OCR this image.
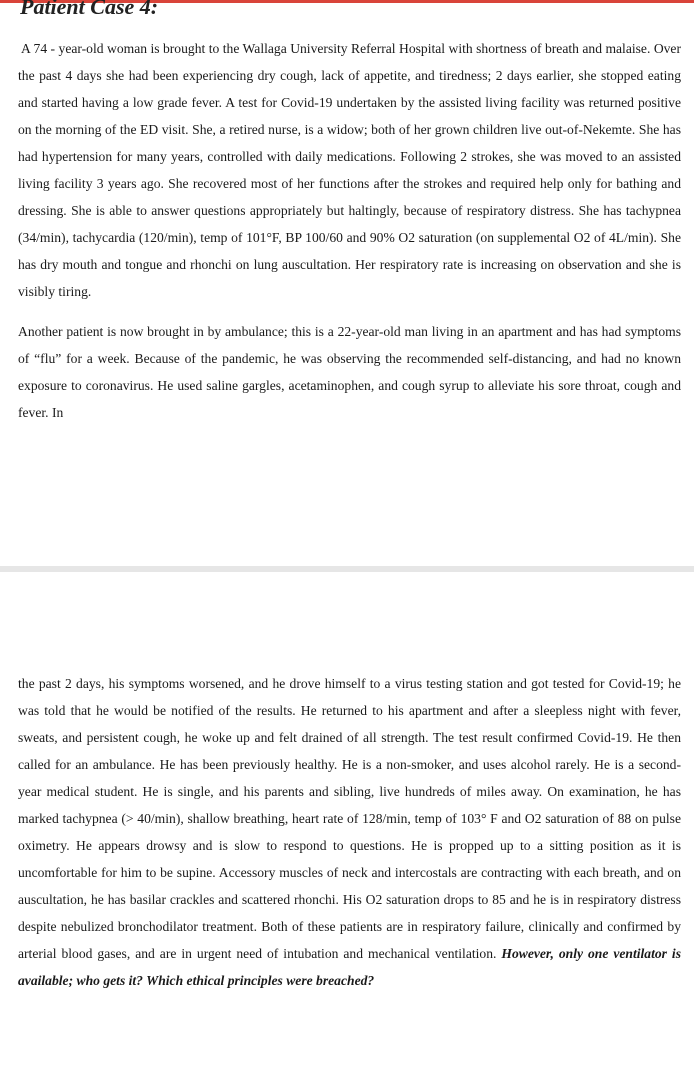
Patient Case 4:

A 74 - year-old woman is brought to the Wallaga University Referral Hospital with shortness of breath and malaise. Over the past 4 days she had been experiencing dry cough, lack of appetite, and tiredness; 2 days earlier, she stopped eating and started having a low grade fever. A test for Covid-19 undertaken by the assisted living facility was returned positive on the morning of the ED visit. She, a retired nurse, is a widow; both of her grown children live out-of-Nekemte. She has had hypertension for many years, controlled with daily medications. Following 2 strokes, she was moved to an assisted living facility 3 years ago. She recovered most of her functions after the strokes and required help only for bathing and dressing. She is able to answer questions appropriately but haltingly, because of respiratory distress. She has tachypnea (34/min), tachycardia (120/min), temp of 101°F, BP 100/60 and 90% O2 saturation (on supplemental O2 of 4L/min). She has dry mouth and tongue and rhonchi on lung auscultation. Her respiratory rate is increasing on observation and she is visibly tiring.

Another patient is now brought in by ambulance; this is a 22-year-old man living in an apartment and has had symptoms of “flu” for a week. Because of the pandemic, he was observing the recommended self-distancing, and had no known exposure to coronavirus. He used saline gargles, acetaminophen, and cough syrup to alleviate his sore throat, cough and fever. In

the past 2 days, his symptoms worsened, and he drove himself to a virus testing station and got tested for Covid-19; he was told that he would be notified of the results. He returned to his apartment and after a sleepless night with fever, sweats, and persistent cough, he woke up and felt drained of all strength. The test result confirmed Covid-19. He then called for an ambulance. He has been previously healthy. He is a non-smoker, and uses alcohol rarely. He is a second-year medical student. He is single, and his parents and sibling, live hundreds of miles away. On examination, he has marked tachypnea (> 40/min), shallow breathing, heart rate of 128/min, temp of 103° F and O2 saturation of 88 on pulse oximetry. He appears drowsy and is slow to respond to questions. He is propped up to a sitting position as it is uncomfortable for him to be supine. Accessory muscles of neck and intercostals are contracting with each breath, and on auscultation, he has basilar crackles and scattered rhonchi. His O2 saturation drops to 85 and he is in respiratory distress despite nebulized bronchodilator treatment. Both of these patients are in respiratory failure, clinically and confirmed by arterial blood gases, and are in urgent need of intubation and mechanical ventilation. However, only one ventilator is available; who gets it? Which ethical principles were breached?
